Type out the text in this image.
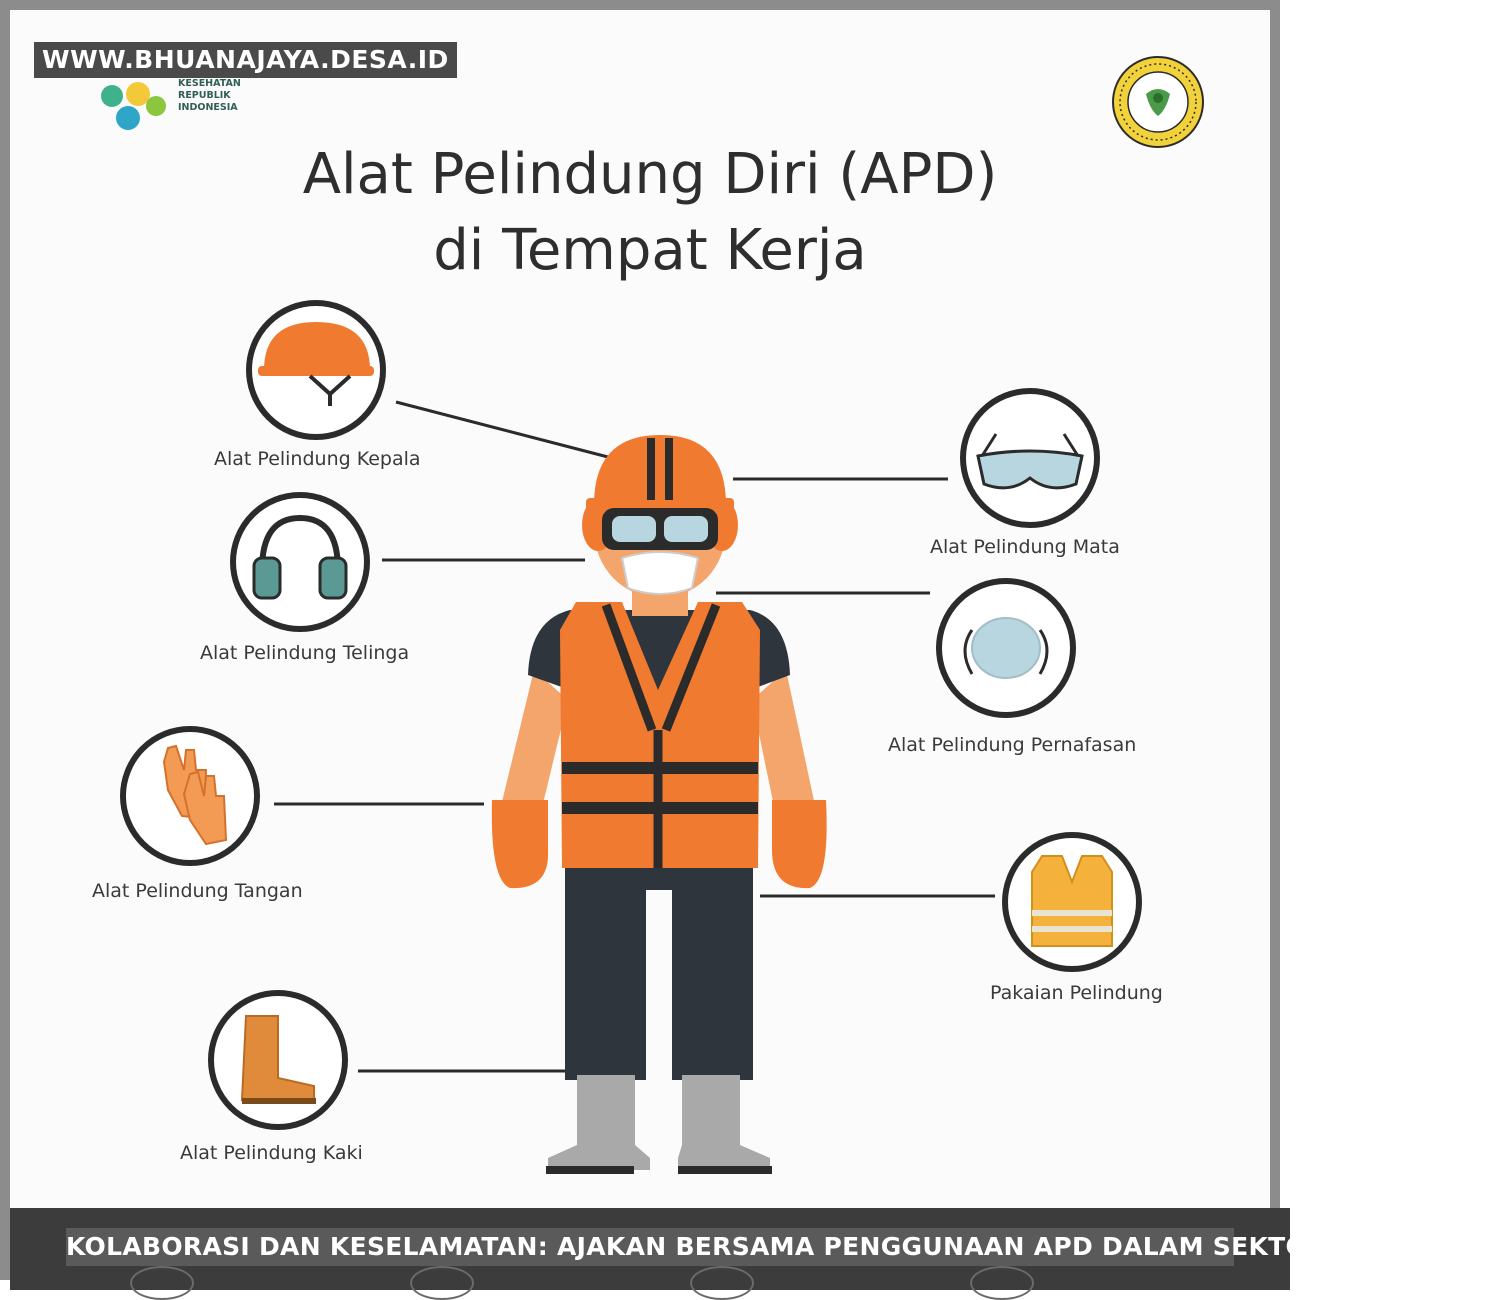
KESEHATAN
REPUBLIK
INDONESIA
WWW.BHUANAJAYA.DESA.ID
Alat Pelindung Diri (APD)
di Tempat Kerja
Alat Pelindung Kepala
Alat Pelindung Telinga
Alat Pelindung Tangan
Alat Pelindung Kaki
Alat Pelindung Mata
Alat Pelindung Pernafasan
Pakaian Pelindung
KOLABORASI DAN KESELAMATAN: AJAKAN BERSAMA PENGGUNAAN APD DALAM SEKTOR PERTANIAN
